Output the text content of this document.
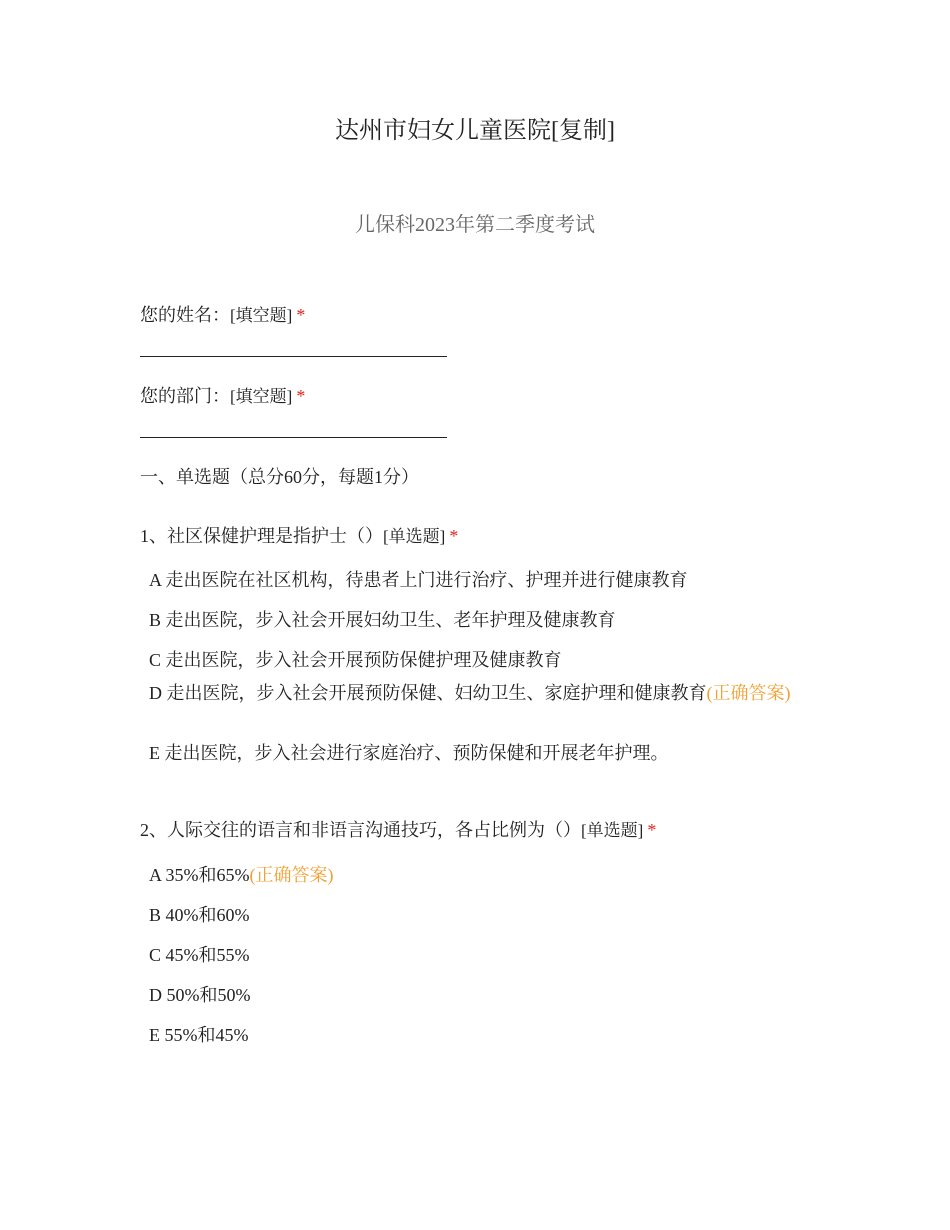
达州市妇女儿童医院[复制]
儿保科2023年第二季度考试
您的姓名：[填空题] *
您的部门：[填空题] *
一、单选题（总分60分，每题1分）
1、社区保健护理是指护士（）[单选题] *
A 走出医院在社区机构，待患者上门进行治疗、护理并进行健康教育
B 走出医院，步入社会开展妇幼卫生、老年护理及健康教育
C 走出医院，步入社会开展预防保健护理及健康教育
D 走出医院，步入社会开展预防保健、妇幼卫生、家庭护理和健康教育(正确答案)
E 走出医院，步入社会进行家庭治疗、预防保健和开展老年护理。
2、人际交往的语言和非语言沟通技巧，各占比例为（）[单选题] *
A 35%和65%(正确答案)
B 40%和60%
C 45%和55%
D 50%和50%
E 55%和45%
